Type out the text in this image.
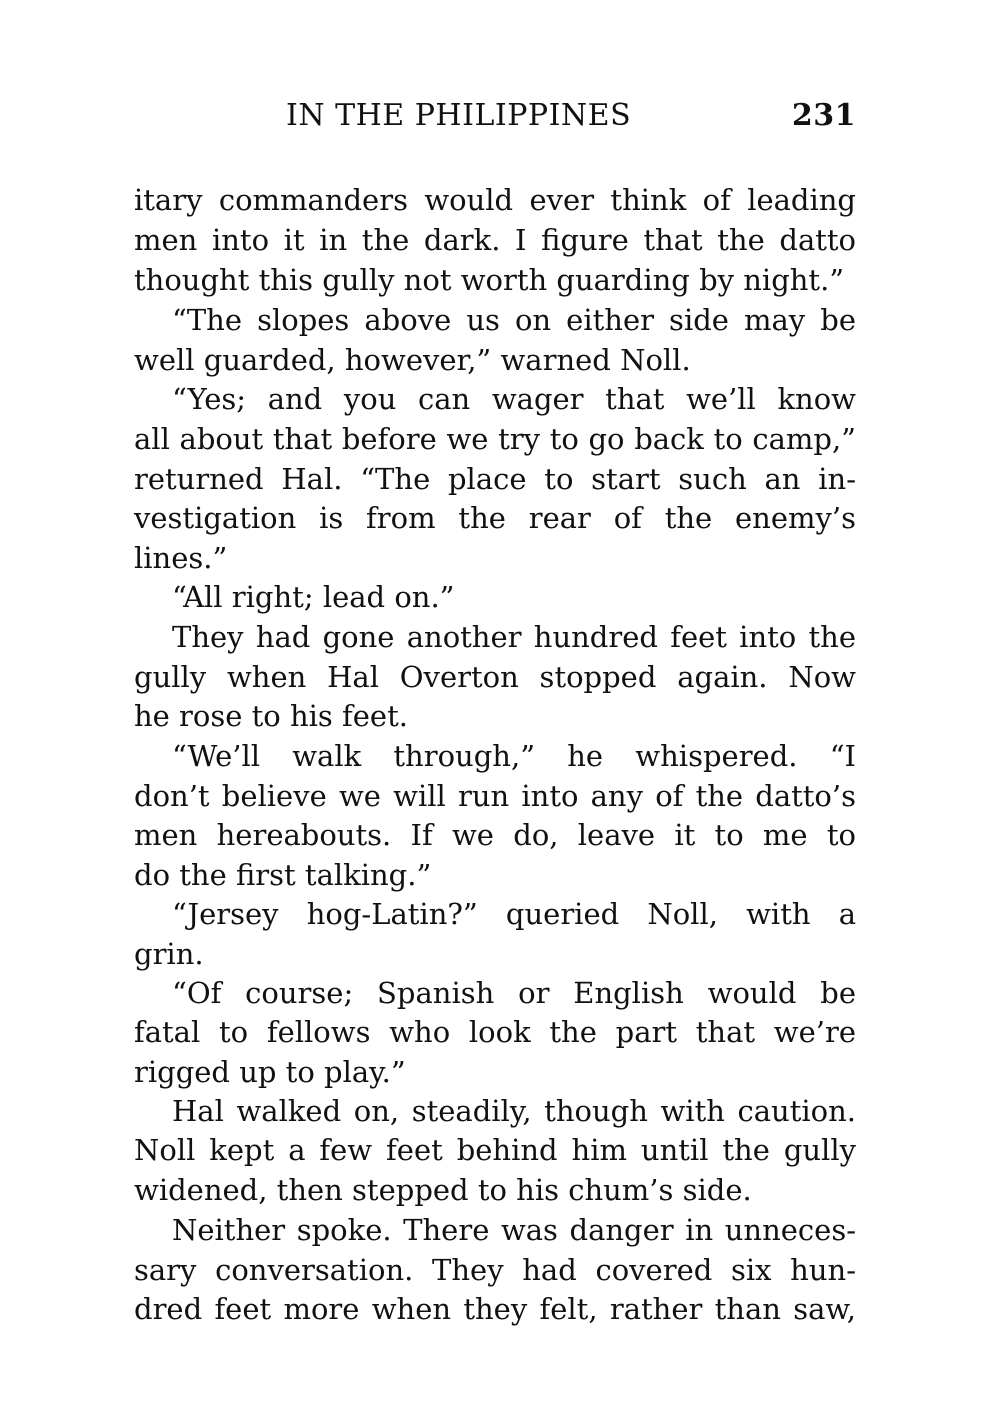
IN THE PHILIPPINES	231
itary commanders would ever think of leading
men into it in the dark. I figure that the datto
thought this gully not worth guarding by night.”
“The slopes above us on either side may be
well guarded, however,” warned Noll.
“Yes; and you can wager that we’ll know
all about that before we try to go back to camp,”
returned Hal. “The place to start such an in-
vestigation is from the rear of the enemy’s
lines.”
“All right; lead on.”
They had gone another hundred feet into the
gully when Hal Overton stopped again. Now
he rose to his feet.
“We’ll walk through,” he whispered. “I
don’t believe we will run into any of the datto’s
men hereabouts. If we do, leave it to me to
do the first talking.”
“Jersey hog-Latin?” queried Noll, with a
grin.
“Of course; Spanish or English would be
fatal to fellows who look the part that we’re
rigged up to play.”
Hal walked on, steadily, though with caution.
Noll kept a few feet behind him until the gully
widened, then stepped to his chum’s side.
Neither spoke. There was danger in unneces-
sary conversation. They had covered six hun-
dred feet more when they felt, rather than saw,
